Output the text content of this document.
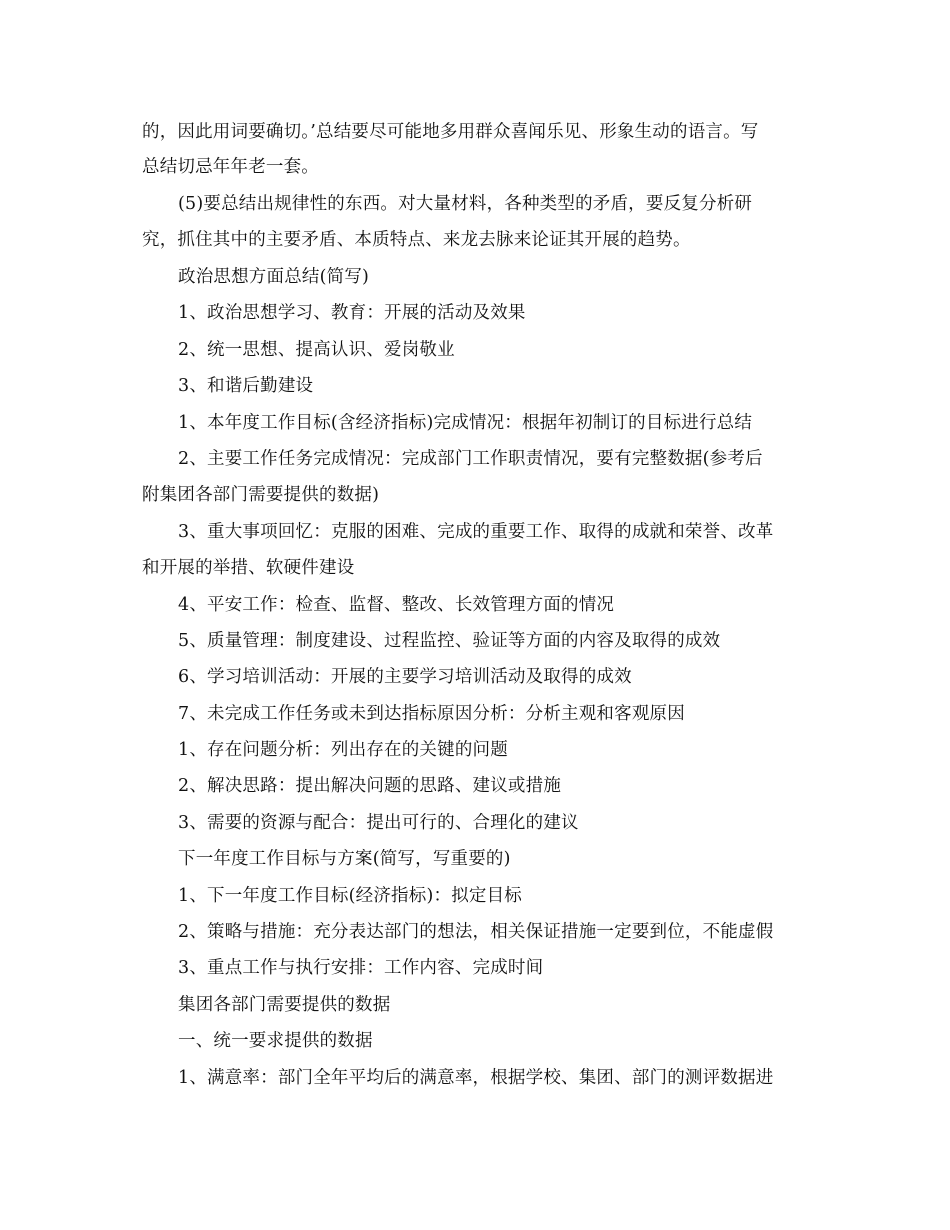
的，因此用词要确切。’总结要尽可能地多用群众喜闻乐见、形象生动的语言。写
总结切忌年年老一套。
(5)要总结出规律性的东西。对大量材料，各种类型的矛盾，要反复分析研
究，抓住其中的主要矛盾、本质特点、来龙去脉来论证其开展的趋势。
政治思想方面总结(简写)
1、政治思想学习、教育：开展的活动及效果
2、统一思想、提高认识、爱岗敬业
3、和谐后勤建设
1、本年度工作目标(含经济指标)完成情况：根据年初制订的目标进行总结
2、主要工作任务完成情况：完成部门工作职责情况，要有完整数据(参考后
附集团各部门需要提供的数据)
3、重大事项回忆：克服的困难、完成的重要工作、取得的成就和荣誉、改革
和开展的举措、软硬件建设
4、平安工作：检查、监督、整改、长效管理方面的情况
5、质量管理：制度建设、过程监控、验证等方面的内容及取得的成效
6、学习培训活动：开展的主要学习培训活动及取得的成效
7、未完成工作任务或未到达指标原因分析：分析主观和客观原因
1、存在问题分析：列出存在的关键的问题
2、解决思路：提出解决问题的思路、建议或措施
3、需要的资源与配合：提出可行的、合理化的建议
下一年度工作目标与方案(简写，写重要的)
1、下一年度工作目标(经济指标)：拟定目标
2、策略与措施：充分表达部门的想法，相关保证措施一定要到位，不能虚假
3、重点工作与执行安排：工作内容、完成时间
集团各部门需要提供的数据
一、统一要求提供的数据
1、满意率：部门全年平均后的满意率，根据学校、集团、部门的测评数据进
